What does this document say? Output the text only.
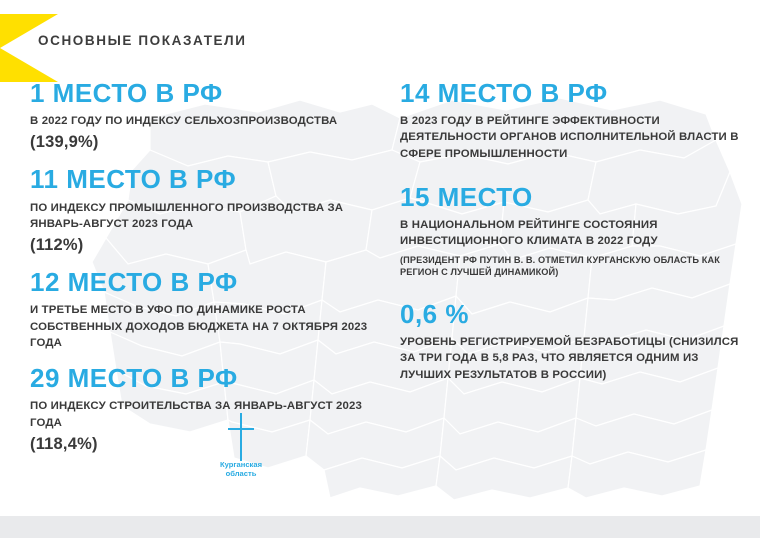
ОСНОВНЫЕ ПОКАЗАТЕЛИ
1 МЕСТО В РФ
В 2022 ГОДУ ПО ИНДЕКСУ СЕЛЬХОЗПРОИЗВОДСТВА
(139,9%)
11 МЕСТО В РФ
ПО ИНДЕКСУ ПРОМЫШЛЕННОГО ПРОИЗВОДСТВА ЗА ЯНВАРЬ-АВГУСТ 2023 ГОДА
(112%)
12 МЕСТО В РФ
И ТРЕТЬЕ МЕСТО В УФО ПО ДИНАМИКЕ РОСТА СОБСТВЕННЫХ ДОХОДОВ БЮДЖЕТА НА 7 ОКТЯБРЯ 2023 ГОДА
29 МЕСТО В РФ
ПО ИНДЕКСУ СТРОИТЕЛЬСТВА ЗА ЯНВАРЬ-АВГУСТ 2023 ГОДА
(118,4%)
14 МЕСТО В РФ
В 2023 ГОДУ В РЕЙТИНГЕ ЭФФЕКТИВНОСТИ ДЕЯТЕЛЬНОСТИ ОРГАНОВ ИСПОЛНИТЕЛЬНОЙ ВЛАСТИ В СФЕРЕ ПРОМЫШЛЕННОСТИ
15 МЕСТО
В НАЦИОНАЛЬНОМ РЕЙТИНГЕ СОСТОЯНИЯ ИНВЕСТИЦИОННОГО КЛИМАТА В 2022 ГОДУ
(ПРЕЗИДЕНТ РФ ПУТИН В. В. ОТМЕТИЛ КУРГАНСКУЮ ОБЛАСТЬ КАК РЕГИОН С ЛУЧШЕЙ ДИНАМИКОЙ)
0,6 %
УРОВЕНЬ РЕГИСТРИРУЕМОЙ БЕЗРАБОТИЦЫ (СНИЗИЛСЯ ЗА ТРИ ГОДА В 5,8 РАЗ, ЧТО ЯВЛЯЕТСЯ ОДНИМ ИЗ ЛУЧШИХ РЕЗУЛЬТАТОВ В РОССИИ)
Курганская область
